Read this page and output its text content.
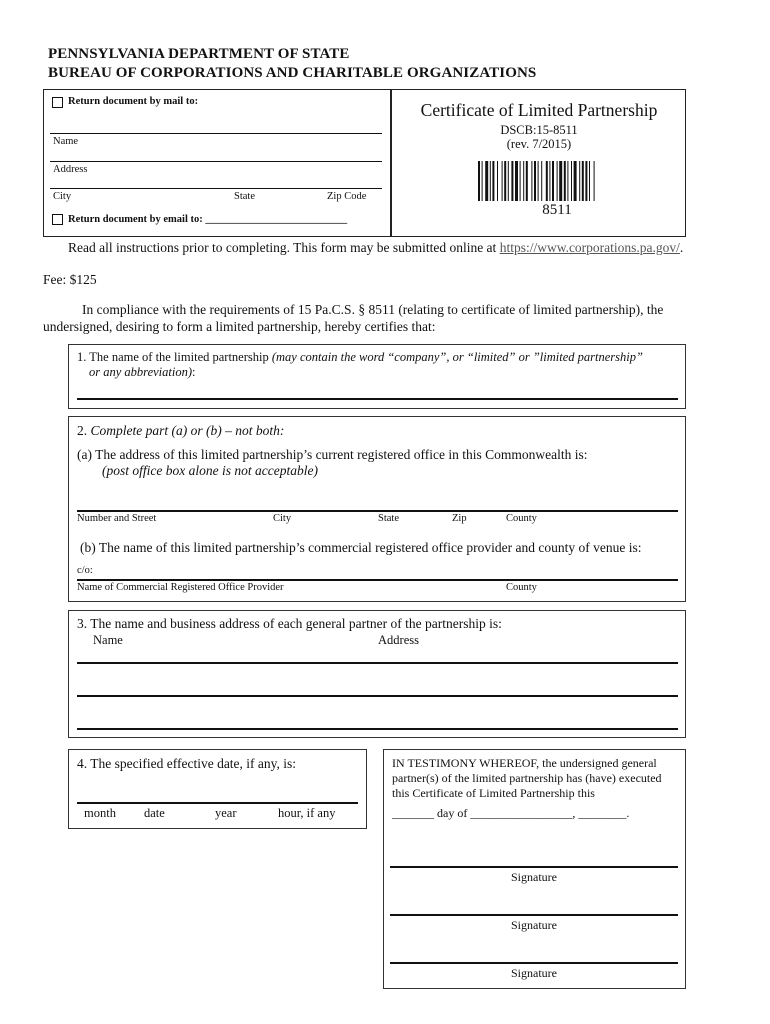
PENNSYLVANIA DEPARTMENT OF STATE
BUREAU OF CORPORATIONS AND CHARITABLE ORGANIZATIONS
Return document by mail to:
Name
Address
City	State	Zip Code
Return document by email to: ___________________________
Certificate of Limited Partnership
DSCB:15-8511
(rev. 7/2015)
8511
Read all instructions prior to completing. This form may be submitted online at https://www.corporations.pa.gov/.
Fee: $125
In compliance with the requirements of 15 Pa.C.S. § 8511 (relating to certificate of limited partnership), the
undersigned, desiring to form a limited partnership, hereby certifies that:
1. The name of the limited partnership (may contain the word “company”, or “limited” or ”limited partnership”
or any abbreviation):
2. Complete part (a) or (b) – not both:
(a) The address of this limited partnership’s current registered office in this Commonwealth is:
(post office box alone is not acceptable)
Number and Street	City	State	Zip	County
(b) The name of this limited partnership’s commercial registered office provider and county of venue is:
c/o:
Name of Commercial Registered Office Provider	County
3. The name and business address of each general partner of the partnership is:
Name	Address
4. The specified effective date, if any, is:
month date	year	hour, if any
IN TESTIMONY WHEREOF, the undersigned general
partner(s) of the limited partnership has (have) executed
this Certificate of Limited Partnership this
_______ day of _________________, ________.
Signature
Signature
Signature
